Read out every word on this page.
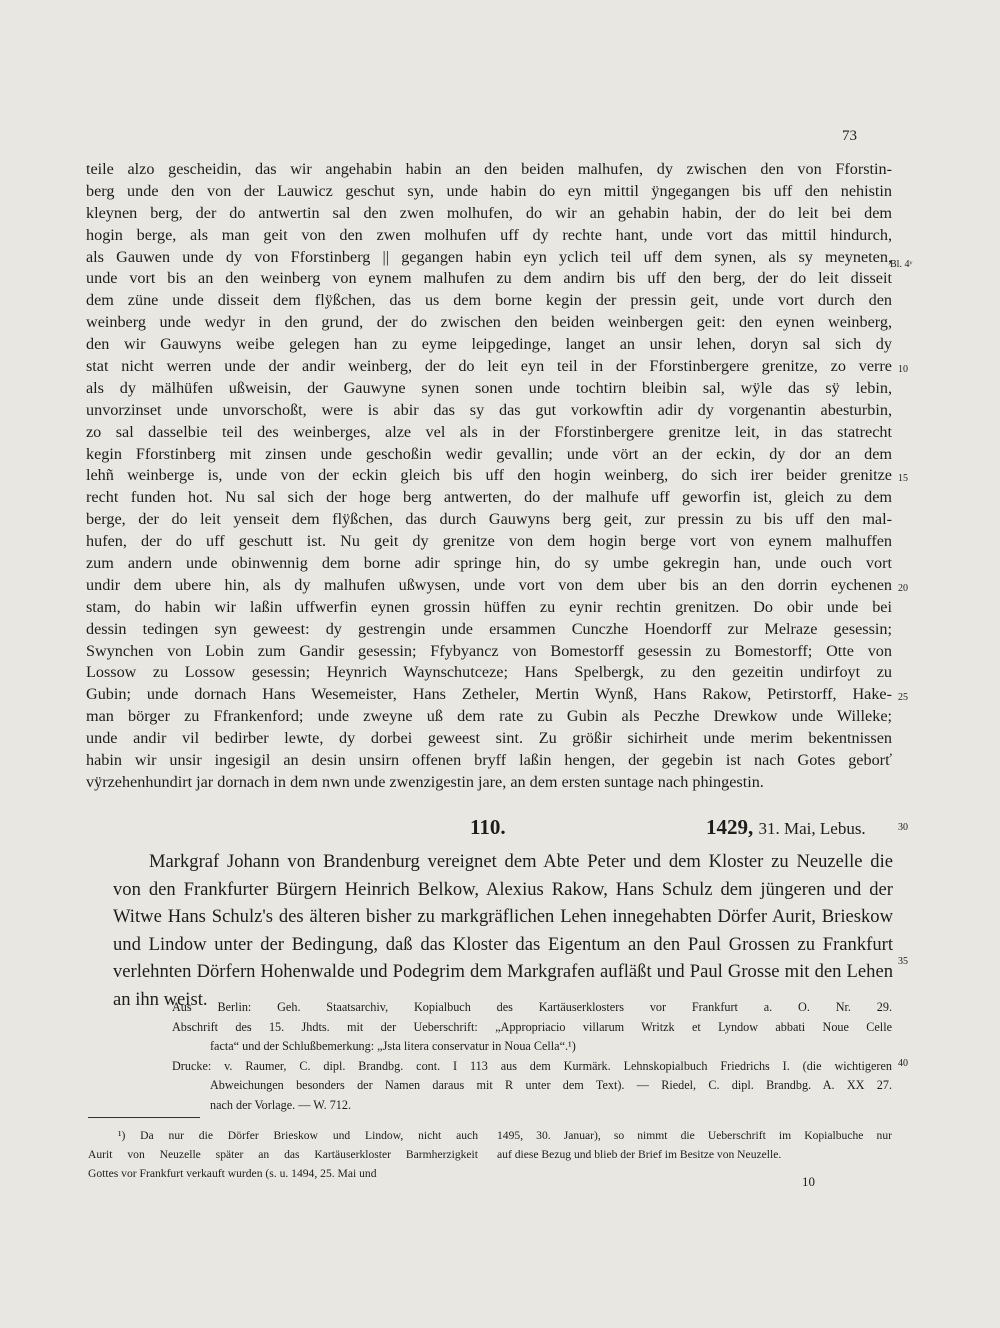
73
teile alzo gescheidin, das wir angehabin habin an den beiden malhufen, dy zwischen den von Fforstin-
berg unde den von der Lauwicz geschut syn, unde habin do eyn mittil ÿngegangen bis uff den nehistin
kleynen berg, der do antwertin sal den zwen molhufen, do wir an gehabin habin, der do leit bei dem
hogin berge, als man geit von den zwen molhufen uff dy rechte hant, unde vort das mittil hindurch,
als Gauwen unde dy von Fforstinberg || gegangen habin eyn yclich teil uff dem synen, als sy meyneten,
unde vort bis an den weinberg von eynem malhufen zu dem andirn bis uff den berg, der do leit disseit
dem züne unde disseit dem flÿßchen, das us dem borne kegin der pressin geit, unde vort durch den
weinberg unde wedyr in den grund, der do zwischen den beiden weinbergen geit: den eynen weinberg,
den wir Gauwyns weibe gelegen han zu eyme leipgedinge, langet an unsir lehen, doryn sal sich dy
stat nicht werren unde der andir weinberg, der do leit eyn teil in der Fforstinbergere grenitze, zo verre
als dy mälhüfen ußweisin, der Gauwyne synen sonen unde tochtirn bleibin sal, wÿle das sÿ lebin,
unvorzinset unde unvorschoßt, were is abir das sy das gut vorkowftin adir dy vorgenantin abesturbin,
zo sal dasselbie teil des weinberges, alze vel als in der Fforstinbergere grenitze leit, in das statrecht
kegin Fforstinberg mit zinsen unde geschoßin wedir gevallin; unde vört an der eckin, dy dor an dem
lehñ weinberge is, unde von der eckin gleich bis uff den hogin weinberg, do sich irer beider grenitze
recht funden hot. Nu sal sich der hoge berg antwerten, do der malhufe uff geworfin ist, gleich zu dem
berge, der do leit yenseit dem flÿßchen, das durch Gauwyns berg geit, zur pressin zu bis uff den mal-
hufen, der do uff geschutt ist. Nu geit dy grenitze von dem hogin berge vort von eynem malhuffen
zum andern unde obinwennig dem borne adir springe hin, do sy umbe gekregin han, unde ouch vort
undir dem ubere hin, als dy malhufen ußwysen, unde vort von dem uber bis an den dorrin eychenen
stam, do habin wir laßin uffwerfin eynen grossin hüffen zu eynir rechtin grenitzen. Do obir unde bei
dessin tedingen syn geweest: dy gestrengin unde ersammen Cunczhe Hoendorff zur Melraze gesessin;
Swynchen von Lobin zum Gandir gesessin; Ffybyancz von Bomestorff gesessin zu Bomestorff; Otte von
Lossow zu Lossow gesessin; Heynrich Waynschutceze; Hans Spelbergk, zu den gezeitin undirfoyt zu
Gubin; unde dornach Hans Wesemeister, Hans Zetheler, Mertin Wynß, Hans Rakow, Petirstorff, Hake-
man börger zu Ffrankenford; unde zweyne uß dem rate zu Gubin als Peczhe Drewkow unde Willeke;
unde andir vil bedirber lewte, dy dorbei geweest sint. Zu größir sichirheit unde merim bekentnissen
habin wir unsir ingesigil an desin unsirn offenen bryff laßin hengen, der gegebin ist nach Gotes geborť
vÿrzehenhundirt jar dornach in dem nwn unde zwenzigestin jare, an dem ersten suntage nach phingestin.
Bl. 4ᵛ
10
15
20
25
110.	1429, 31. Mai, Lebus.	30
Markgraf Johann von Brandenburg vereignet dem Abte Peter und dem Kloster zu Neuzelle die
von den Frankfurter Bürgern Heinrich Belkow, Alexius Rakow, Hans Schulz dem jüngeren und der
Witwe Hans Schulz's des älteren bisher zu markgräflichen Lehen innegehabten Dörfer Aurit, Brieskow
und Lindow unter der Bedingung, daß das Kloster das Eigentum an den Paul Grossen zu Frankfurt
verlehnten Dörfern Hohenwalde und Podegrim dem Markgrafen aufläßt und Paul Grosse mit den Lehen
an ihn weist.
35
Aus Berlin: Geh. Staatsarchiv, Kopialbuch des Kartäuserklosters vor Frankfurt a. O. Nr. 29.
Abschrift des 15. Jhdts. mit der Ueberschrift: „Appropriacio villarum Writzk et Lyndow abbati Noue Celle
facta“ und der Schlußbemerkung: „Jsta litera conservatur in Noua Cella“.¹)
Drucke: v. Raumer, C. dipl. Brandbg. cont. I 113 aus dem Kurmärk. Lehnskopialbuch Friedrichs I. (die wichtigeren
Abweichungen besonders der Namen daraus mit R unter dem Text). — Riedel, C. dipl. Brandbg. A. XX 27.
nach der Vorlage. — W. 712.
40
¹) Da nur die Dörfer Brieskow und Lindow, nicht auch
Aurit von Neuzelle später an das Kartäuserkloster Barmherzigkeit
Gottes vor Frankfurt verkauft wurden (s. u. 1494, 25. Mai und
1495, 30. Januar), so nimmt die Ueberschrift im Kopialbuche nur
auf diese Bezug und blieb der Brief im Besitze von Neuzelle.
10
